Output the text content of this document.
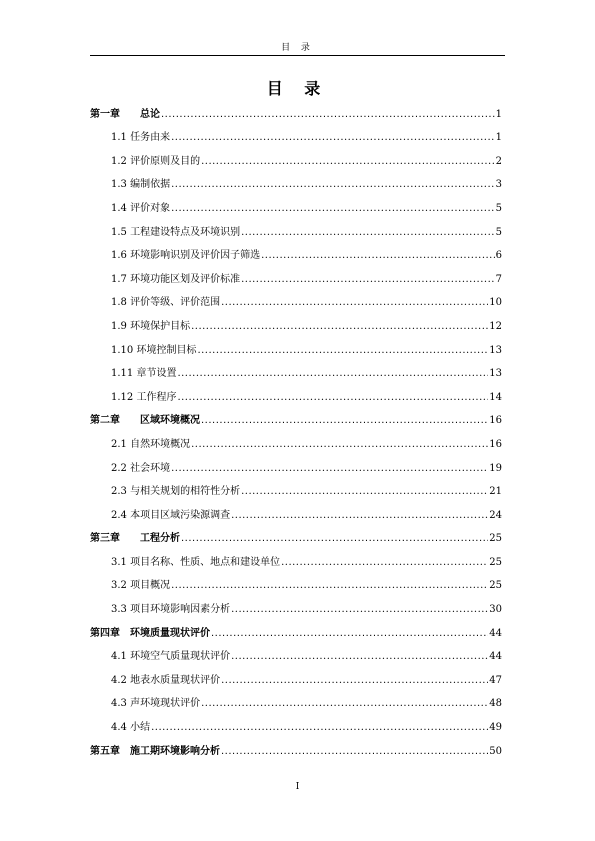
目 录
目 录
第一章　　总论 .....	1
1.1 任务由来 .....	1
1.2 评价原则及目的 .....	2
1.3 编制依据 .....	3
1.4 评价对象 .....	5
1.5 工程建设特点及环境识别 .....	5
1.6 环境影响识别及评价因子筛选 .....	6
1.7 环境功能区划及评价标准 .....	7
1.8 评价等级、评价范围 .....	10
1.9 环境保护目标 .....	12
1.10 环境控制目标 .....	13
1.11 章节设置 .....	13
1.12 工作程序 .....	14
第二章　　区域环境概况 .....	16
2.1 自然环境概况 .....	16
2.2 社会环境 .....	19
2.3 与相关规划的相符性分析 .....	21
2.4 本项目区域污染源调查 .....	24
第三章　　工程分析 .....	25
3.1 项目名称、性质、地点和建设单位 .....	25
3.2 项目概况 .....	25
3.3 项目环境影响因素分析 .....	30
第四章　环境质量现状评价 .....	44
4.1 环境空气质量现状评价 .....	44
4.2 地表水质量现状评价 .....	47
4.3 声环境现状评价 .....	48
4.4 小结 .....	49
第五章　施工期环境影响分析 .....	50
I
